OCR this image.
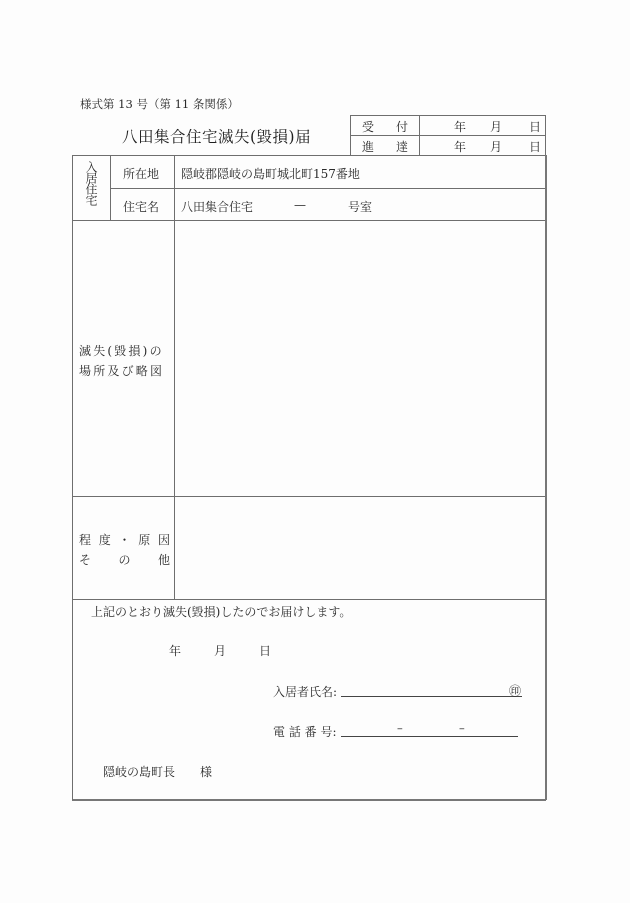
様式第 13 号（第 11 条関係）
八田集合住宅滅失(毀損)届
受 付	年 月 日
進 達	年 月 日
入居住宅 所在地 隠岐郡隠岐の島町城北町157番地
住宅名 八田集合住宅	—	号室
滅失(毀損)の
場所及び略図
程 度 ・ 原 因
そ の 他
上記のとおり滅失(毀損)したのでお届けします。
年	月	日
入居者氏名:	㊞
電 話 番 号:	–	–
隠岐の島町長 様
